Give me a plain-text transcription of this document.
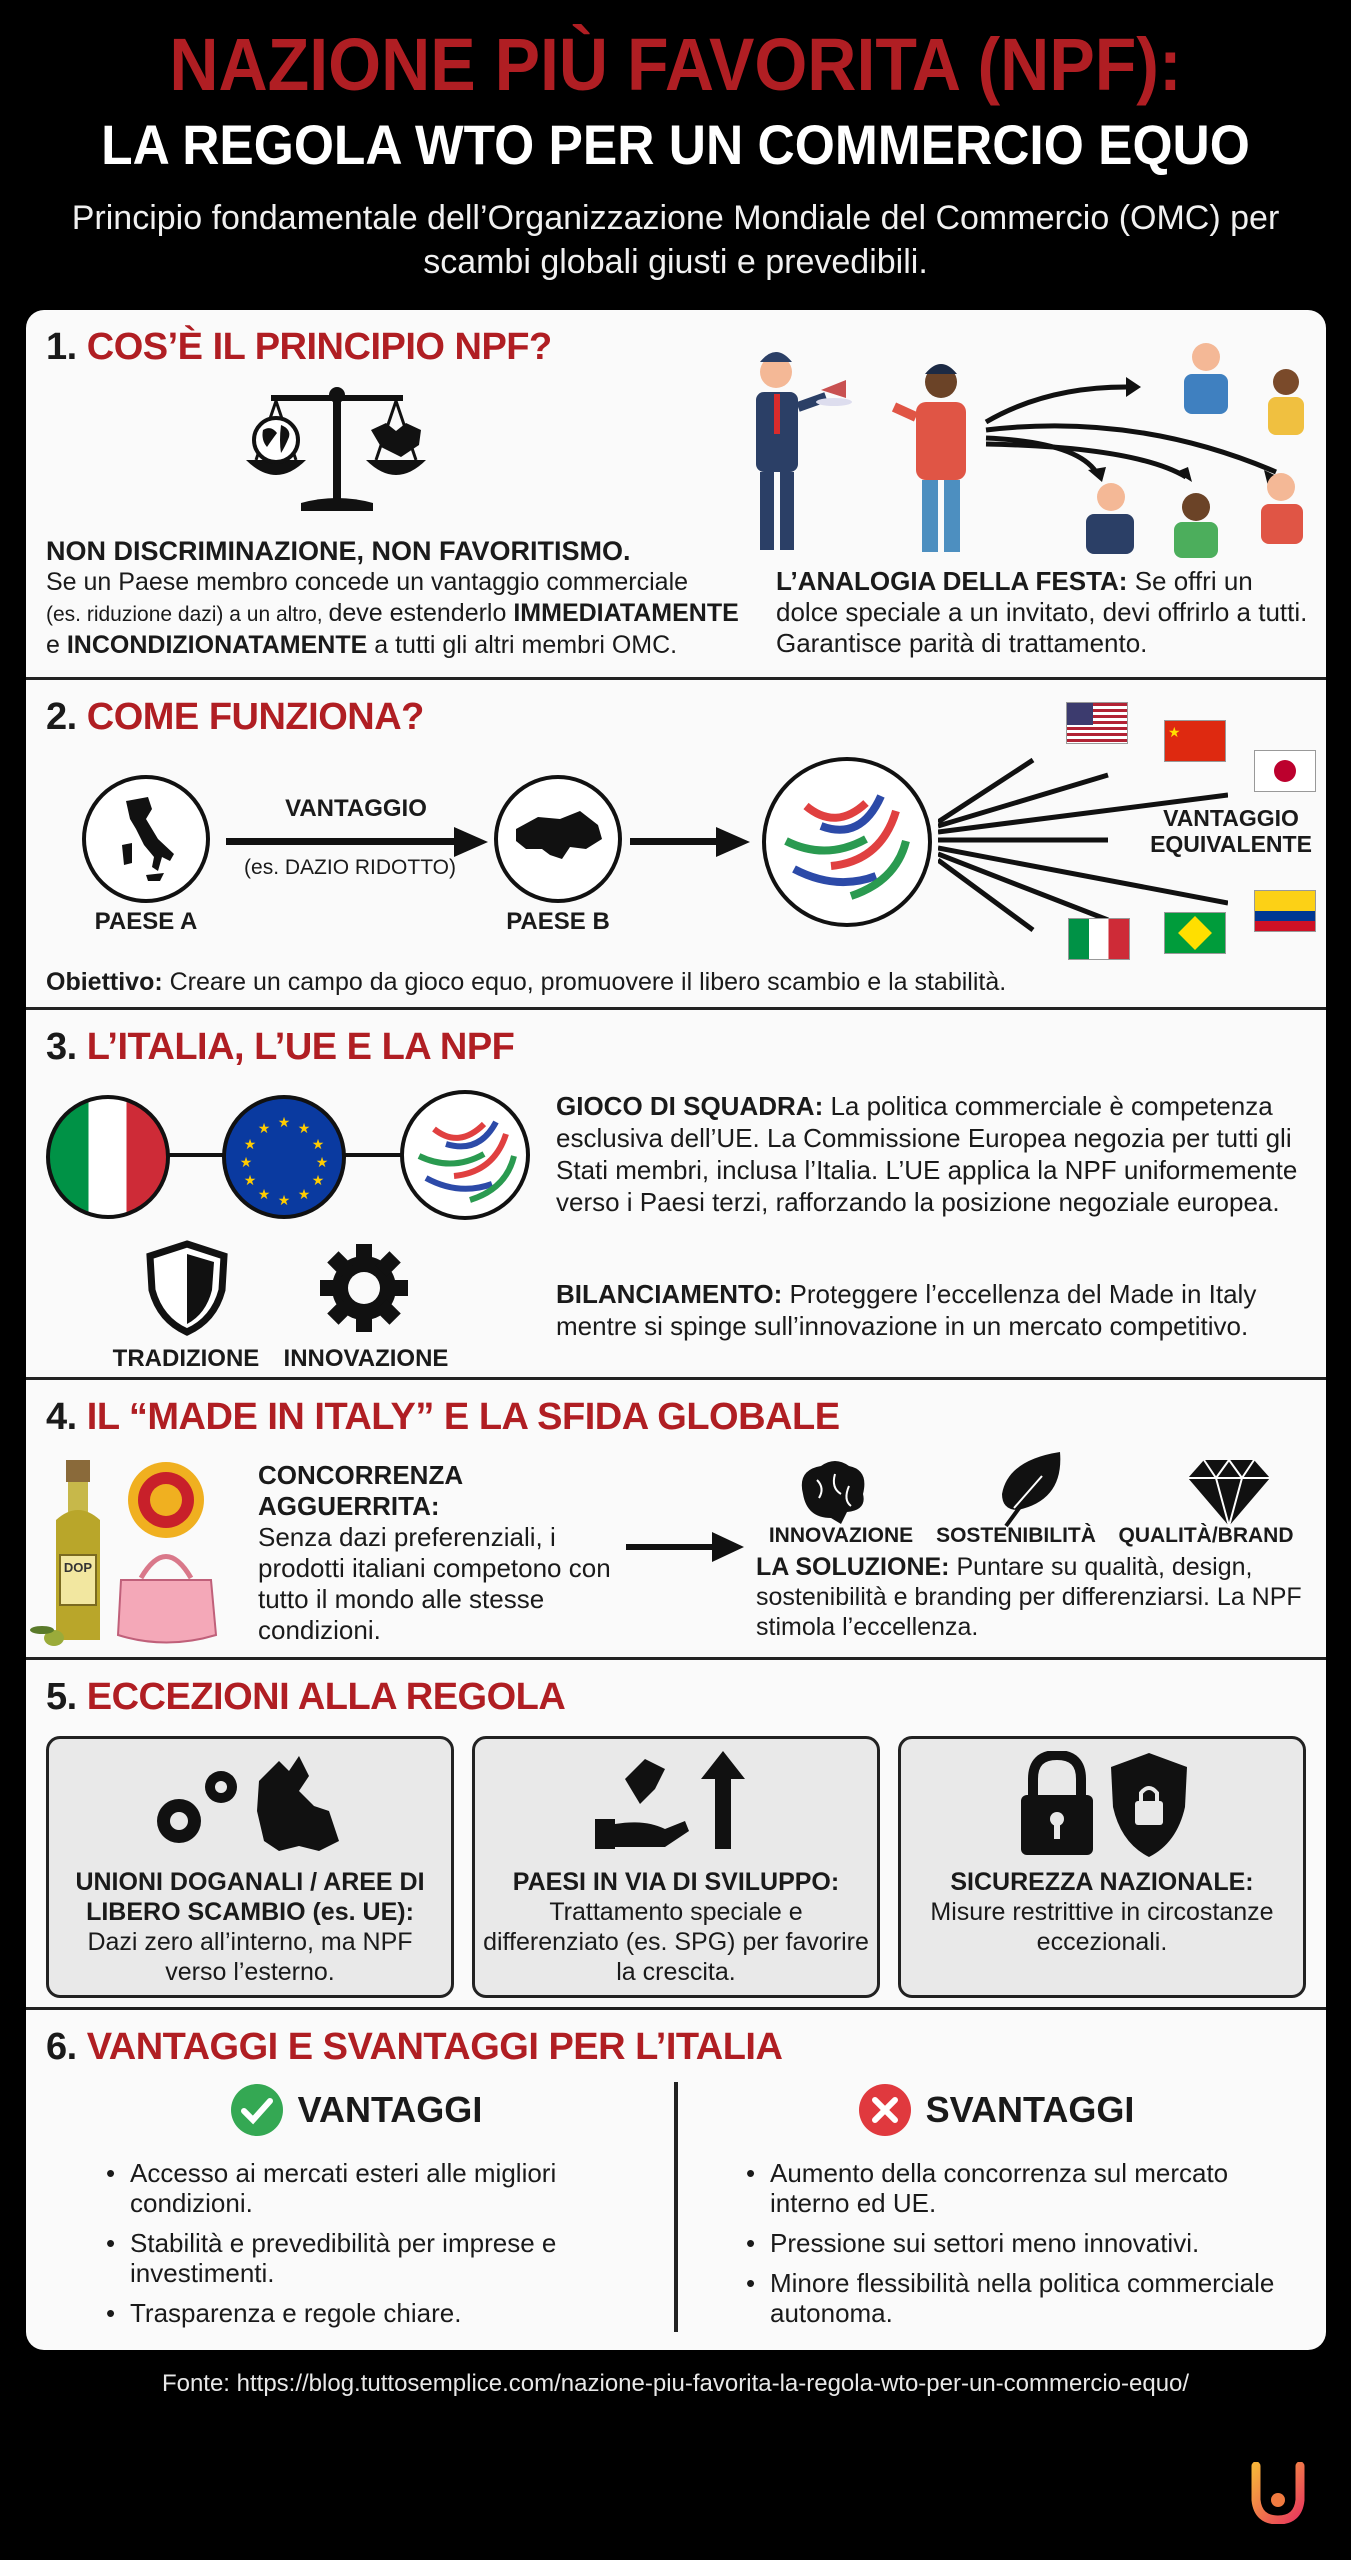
NAZIONE PIÙ FAVORITA (NPF):
LA REGOLA WTO PER UN COMMERCIO EQUO
Principio fondamentale dell’Organizzazione Mondiale del Commercio (OMC) per scambi globali giusti e prevedibili.
1. COS’È IL PRINCIPIO NPF?
NON DISCRIMINAZIONE, NON FAVORITISMO.
Se un Paese membro concede un vantaggio commerciale
(es. riduzione dazi) a un altro, deve estenderlo IMMEDIATAMENTE
e INCONDIZIONATAMENTE a tutti gli altri membri OMC.
L’ANALOGIA DELLA FESTA: Se offri un dolce speciale a un invitato, devi offrirlo a tutti. Garantisce parità di trattamento.
2. COME FUNZIONA?
PAESE A
VANTAGGIO
(es. DAZIO RIDOTTO)
PAESE B
★
VANTAGGIO
EQUIVALENTE
Obiettivo: Creare un campo da gioco equo, promuovere il libero scambio e la stabilità.
3. L’ITALIA, L’UE E LA NPF
★ ★
★
★
★
★
★
★
★
★
★
★
TRADIZIONE	INNOVAZIONE
GIOCO DI SQUADRA: La politica commerciale è competenza esclusiva dell’UE. La Commissione Europea negozia per tutti gli Stati membri, inclusa l’Italia. L’UE applica la NPF uniformemente verso i Paesi terzi, rafforzando la posizione negoziale europea.
BILANCIAMENTO: Proteggere l’eccellenza del Made in Italy mentre si spinge sull’innovazione in un mercato competitivo.
4. IL “MADE IN ITALY” E LA SFIDA GLOBALE
DOP
CONCORRENZA AGGUERRITA:
Senza dazi preferenziali, i prodotti italiani competono con tutto il mondo alle stesse condizioni.
INNOVAZIONE	SOSTENIBILITÀ	QUALITÀ/BRAND
LA SOLUZIONE: Puntare su qualità, design, sostenibilità e branding per differenziarsi. La NPF stimola l’eccellenza.
5. ECCEZIONI ALLA REGOLA
UNIONI DOGANALI / AREE DI LIBERO SCAMBIO (es. UE):
Dazi zero all’interno, ma NPF verso l’esterno.
PAESI IN VIA DI SVILUPPO:
Trattamento speciale e differenziato (es. SPG) per favorire la crescita.
SICUREZZA NAZIONALE:
Misure restrittive in circostanze eccezionali.
6. VANTAGGI E SVANTAGGI PER L’ITALIA
VANTAGGI
• Accesso ai mercati esteri alle migliori condizioni.
• Stabilità e prevedibilità per imprese e investimenti.
• Trasparenza e regole chiare.
SVANTAGGI
• Aumento della concorrenza sul mercato interno ed UE.
• Pressione sui settori meno innovativi.
• Minore flessibilità nella politica commerciale autonoma.
Fonte: https://blog.tuttosemplice.com/nazione-piu-favorita-la-regola-wto-per-un-commercio-equo/
